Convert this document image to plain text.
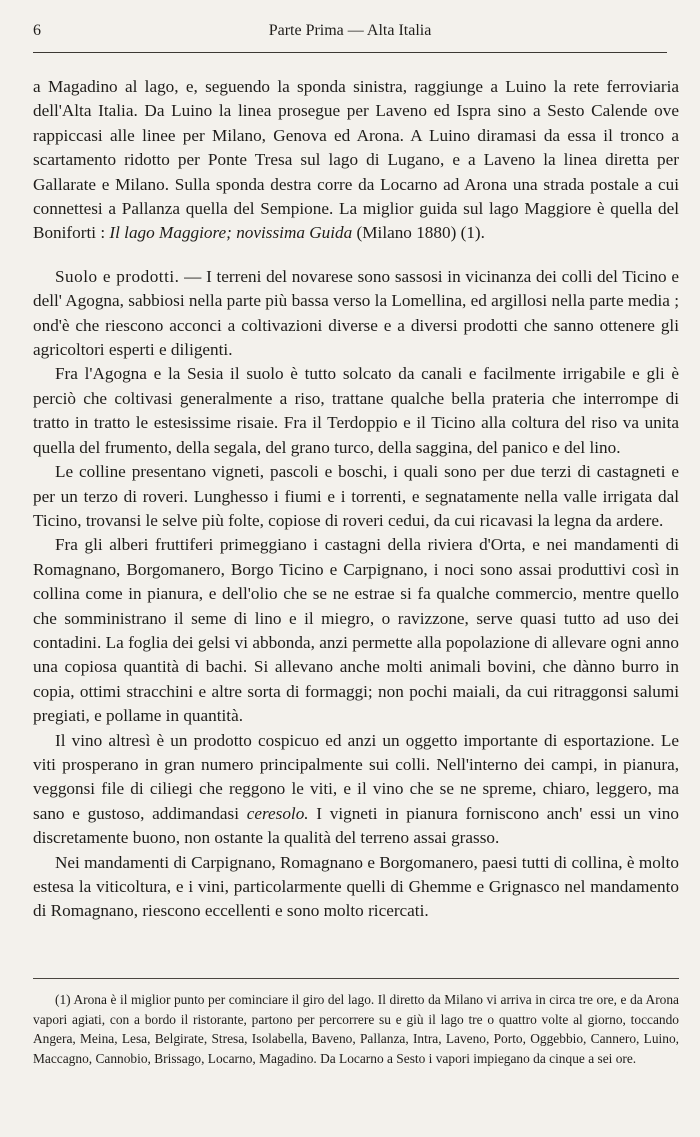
6	Parte Prima — Alta Italia

a Magadino al lago, e, seguendo la sponda sinistra, raggiunge a Luino la rete ferroviaria dell'Alta Italia. Da Luino la linea prosegue per Laveno ed Ispra sino a Sesto Calende ove rappiccasi alle linee per Milano, Genova ed Arona. A Luino diramasi da essa il tronco a scartamento ridotto per Ponte Tresa sul lago di Lugano, e a Laveno la linea diretta per Gallarate e Milano. Sulla sponda destra corre da Locarno ad Arona una strada postale a cui connettesi a Pallanza quella del Sempione. La miglior guida sul lago Maggiore è quella del Boniforti : Il lago Maggiore; novissima Guida (Milano 1880) (1).

Suolo e prodotti. — I terreni del novarese sono sassosi in vicinanza dei colli del Ticino e dell' Agogna, sabbiosi nella parte più bassa verso la Lomellina, ed argillosi nella parte media ; ond'è che riescono acconci a coltivazioni diverse e a diversi prodotti che sanno ottenere gli agricoltori esperti e diligenti.

Fra l'Agogna e la Sesia il suolo è tutto solcato da canali e facilmente irrigabile e gli è perciò che coltivasi generalmente a riso, trattane qualche bella prateria che interrompe di tratto in tratto le estesissime risaie. Fra il Terdoppio e il Ticino alla coltura del riso va unita quella del frumento, della segala, del grano turco, della saggina, del panico e del lino.

Le colline presentano vigneti, pascoli e boschi, i quali sono per due terzi di castagneti e per un terzo di roveri. Lunghesso i fiumi e i torrenti, e segnatamente nella valle irrigata dal Ticino, trovansi le selve più folte, copiose di roveri cedui, da cui ricavasi la legna da ardere.

Fra gli alberi fruttiferi primeggiano i castagni della riviera d'Orta, e nei mandamenti di Romagnano, Borgomanero, Borgo Ticino e Carpignano, i noci sono assai produttivi così in collina come in pianura, e dell'olio che se ne estrae si fa qualche commercio, mentre quello che somministrano il seme di lino e il miegro, o ravizzone, serve quasi tutto ad uso dei contadini. La foglia dei gelsi vi abbonda, anzi permette alla popolazione di allevare ogni anno una copiosa quantità di bachi. Si allevano anche molti animali bovini, che dànno burro in copia, ottimi stracchini e altre sorta di formaggi; non pochi maiali, da cui ritraggonsi salumi pregiati, e pollame in quantità.

Il vino altresì è un prodotto cospicuo ed anzi un oggetto importante di esportazione. Le viti prosperano in gran numero principalmente sui colli. Nell'interno dei campi, in pianura, veggonsi file di ciliegi che reggono le viti, e il vino che se ne spreme, chiaro, leggero, ma sano e gustoso, addimandasi ceresolo. I vigneti in pianura forniscono anch' essi un vino discretamente buono, non ostante la qualità del terreno assai grasso.

Nei mandamenti di Carpignano, Romagnano e Borgomanero, paesi tutti di collina, è molto estesa la viticoltura, e i vini, particolarmente quelli di Ghemme e Grignasco nel mandamento di Romagnano, riescono eccellenti e sono molto ricercati.

(1) Arona è il miglior punto per cominciare il giro del lago. Il diretto da Milano vi arriva in circa tre ore, e da Arona vapori agiati, con a bordo il ristorante, partono per percorrere su e giù il lago tre o quattro volte al giorno, toccando Angera, Meina, Lesa, Belgirate, Stresa, Isolabella, Baveno, Pallanza, Intra, Laveno, Porto, Oggebbio, Cannero, Luino, Maccagno, Cannobio, Brissago, Locarno, Magadino. Da Locarno a Sesto i vapori impiegano da cinque a sei ore.
